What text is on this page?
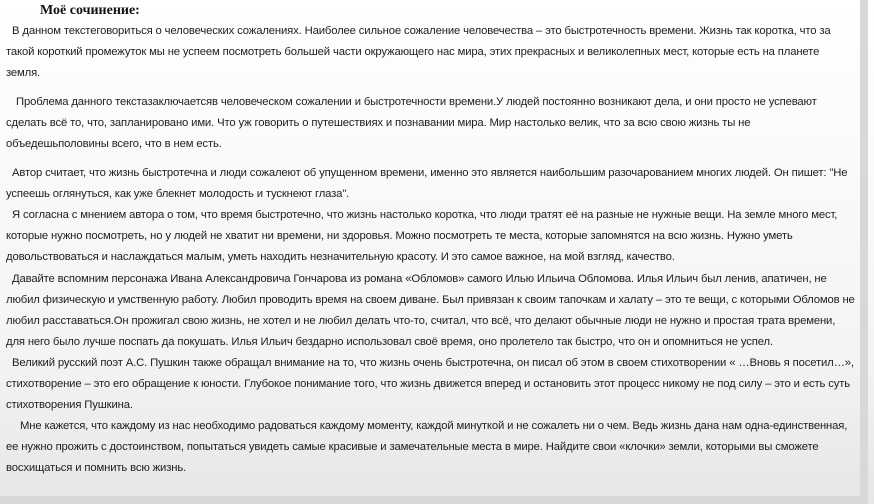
Моё сочинение:

В данном текстеговориться о человеческих сожалениях. Наиболее сильное сожаление человечества – это быстротечность времени. Жизнь так коротка, что за такой короткий промежуток мы не успеем посмотреть большей части окружающего нас мира, этих прекрасных и великолепных мест, которые есть на планете земля.

Проблема данного текстазаключаетсяв человеческом сожалении и быстротечности времени.У людей постоянно возникают дела, и они просто не успевают сделать всё то, что, запланировано ими. Что уж говорить о путешествиях и познавании мира. Мир настолько велик, что за всю свою жизнь ты не объедешьполовины всего, что в нем есть.

Автор считает, что жизнь быстротечна и люди сожалеют об упущенном времени, именно это является наибольшим разочарованием многих людей. Он пишет: "Не успеешь оглянуться, как уже блекнет молодость и тускнеют глаза".

Я согласна с мнением автора о том, что время быстротечно, что жизнь настолько коротка, что люди тратят её на разные не нужные вещи. На земле много мест, которые нужно посмотреть, но у людей не хватит ни времени, ни здоровья. Можно посмотреть те места, которые запомнятся на всю жизнь. Нужно уметь довольствоваться и наслаждаться малым, уметь находить незначительную красоту. И это самое важное, на мой взгляд, качество.

Давайте вспомним персонажа Ивана Александровича Гончарова из романа «Обломов» самого Илью Ильича Обломова. Илья Ильич был ленив, апатичен, не любил физическую и умственную работу. Любил проводить время на своем диване. Был привязан к своим тапочкам и халату – это те вещи, с которыми Обломов не любил расставаться.Он прожигал свою жизнь, не хотел и не любил делать что-то, считал, что всё, что делают обычные люди не нужно и простая трата времени, для него было лучше поспать да покушать. Илья Ильич бездарно использовал своё время, оно пролетело так быстро, что он и опомниться не успел.

Великий русский поэт А.С. Пушкин также обращал внимание на то, что жизнь очень быстротечна, он писал об этом в своем стихотворении « …Вновь я посетил…», стихотворение – это его обращение к юности. Глубокое понимание того, что жизнь движется вперед и остановить этот процесс никому не под силу – это и есть суть стихотворения Пушкина.

Мне кажется, что каждому из нас необходимо радоваться каждому моменту, каждой минуткой и не сожалеть ни о чем. Ведь жизнь дана нам одна-единственная, ее нужно прожить с достоинством, попытаться увидеть самые красивые и замечательные места в мире. Найдите свои «клочки» земли, которыми вы сможете восхищаться и помнить всю жизнь.
